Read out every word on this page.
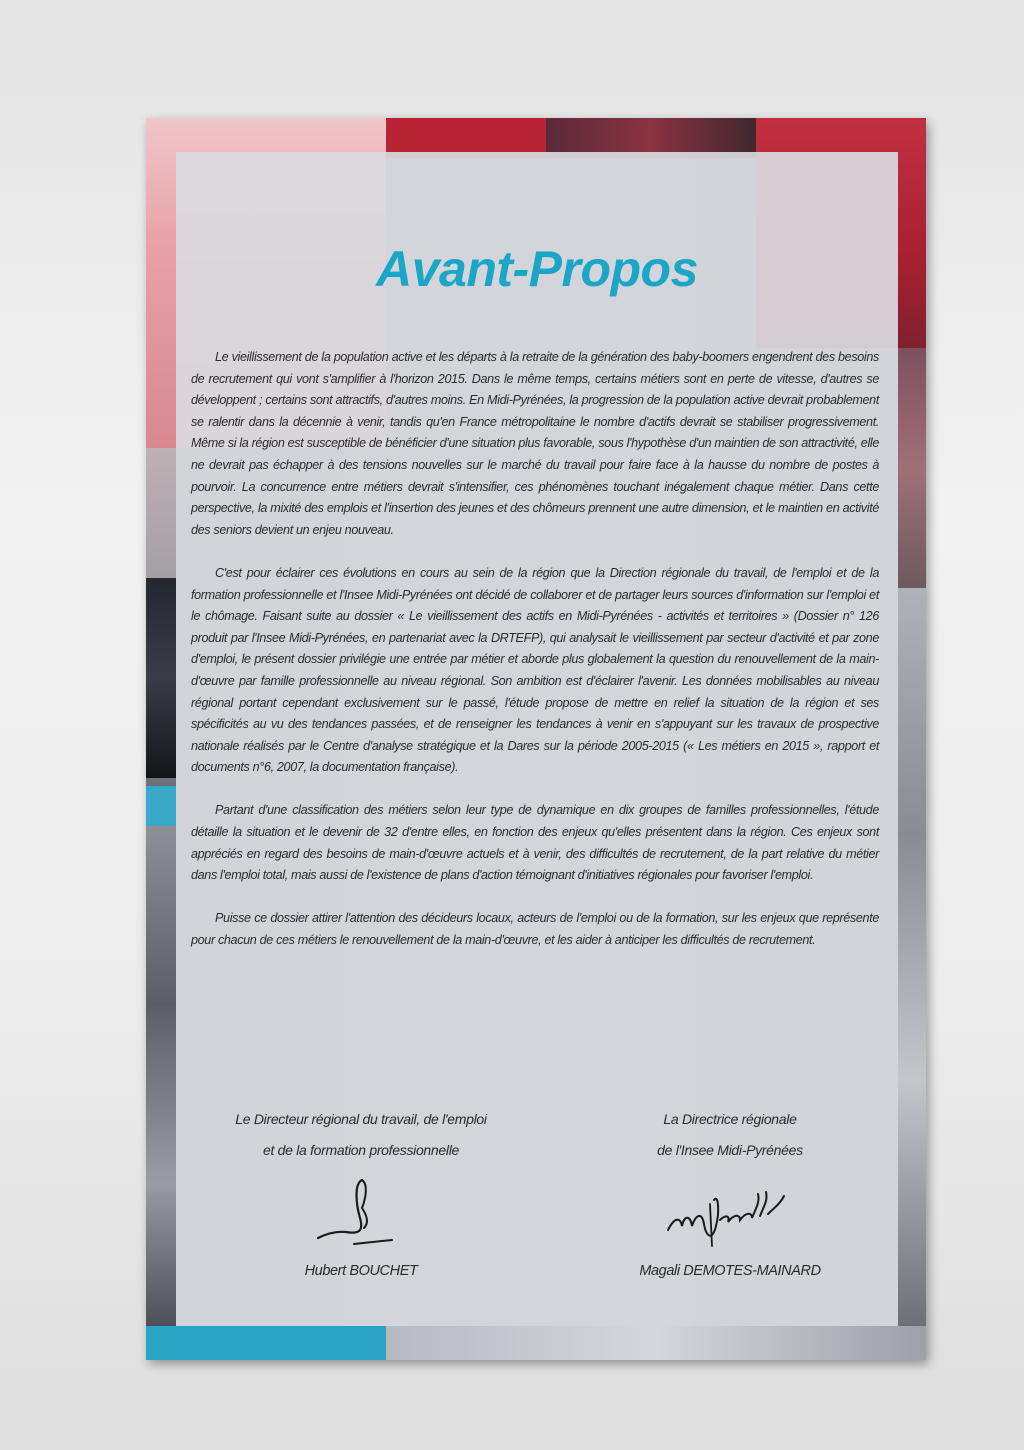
Avant-Propos

Le vieillissement de la population active et les départs à la retraite de la génération des baby-boomers engendrent des besoins de recrutement qui vont s'amplifier à l'horizon 2015. Dans le même temps, certains métiers sont en perte de vitesse, d'autres se développent ; certains sont attractifs, d'autres moins. En Midi-Pyrénées, la progression de la population active devrait probablement se ralentir dans la décennie à venir, tandis qu'en France métropolitaine le nombre d'actifs devrait se stabiliser progressivement. Même si la région est susceptible de bénéficier d'une situation plus favorable, sous l'hypothèse d'un maintien de son attractivité, elle ne devrait pas échapper à des tensions nouvelles sur le marché du travail pour faire face à la hausse du nombre de postes à pourvoir. La concurrence entre métiers devrait s'intensifier, ces phénomènes touchant inégalement chaque métier. Dans cette perspective, la mixité des emplois et l'insertion des jeunes et des chômeurs prennent une autre dimension, et le maintien en activité des seniors devient un enjeu nouveau.

C'est pour éclairer ces évolutions en cours au sein de la région que la Direction régionale du travail, de l'emploi et de la formation professionnelle et l'Insee Midi-Pyrénées ont décidé de collaborer et de partager leurs sources d'information sur l'emploi et le chômage. Faisant suite au dossier « Le vieillissement des actifs en Midi-Pyrénées - activités et territoires » (Dossier n° 126 produit par l'Insee Midi-Pyrénées, en partenariat avec la DRTEFP), qui analysait le vieillissement par secteur d'activité et par zone d'emploi, le présent dossier privilégie une entrée par métier et aborde plus globalement la question du renouvellement de la main-d'œuvre par famille professionnelle au niveau régional. Son ambition est d'éclairer l'avenir. Les données mobilisables au niveau régional portant cependant exclusivement sur le passé, l'étude propose de mettre en relief la situation de la région et ses spécificités au vu des tendances passées, et de renseigner les tendances à venir en s'appuyant sur les travaux de prospective nationale réalisés par le Centre d'analyse stratégique et la Dares sur la période 2005-2015 (« Les métiers en 2015 », rapport et documents n°6, 2007, la documentation française).

Partant d'une classification des métiers selon leur type de dynamique en dix groupes de familles professionnelles, l'étude détaille la situation et le devenir de 32 d'entre elles, en fonction des enjeux qu'elles présentent dans la région. Ces enjeux sont appréciés en regard des besoins de main-d'œuvre actuels et à venir, des difficultés de recrutement, de la part relative du métier dans l'emploi total, mais aussi de l'existence de plans d'action témoignant d'initiatives régionales pour favoriser l'emploi.

Puisse ce dossier attirer l'attention des décideurs locaux, acteurs de l'emploi ou de la formation, sur les enjeux que représente pour chacun de ces métiers le renouvellement de la main-d'œuvre, et les aider à anticiper les difficultés de recrutement.

Le Directeur régional du travail, de l'emploi
et de la formation professionnelle
Hubert BOUCHET
La Directrice régionale
de l'Insee Midi-Pyrénées
Magali DEMOTES-MAINARD
